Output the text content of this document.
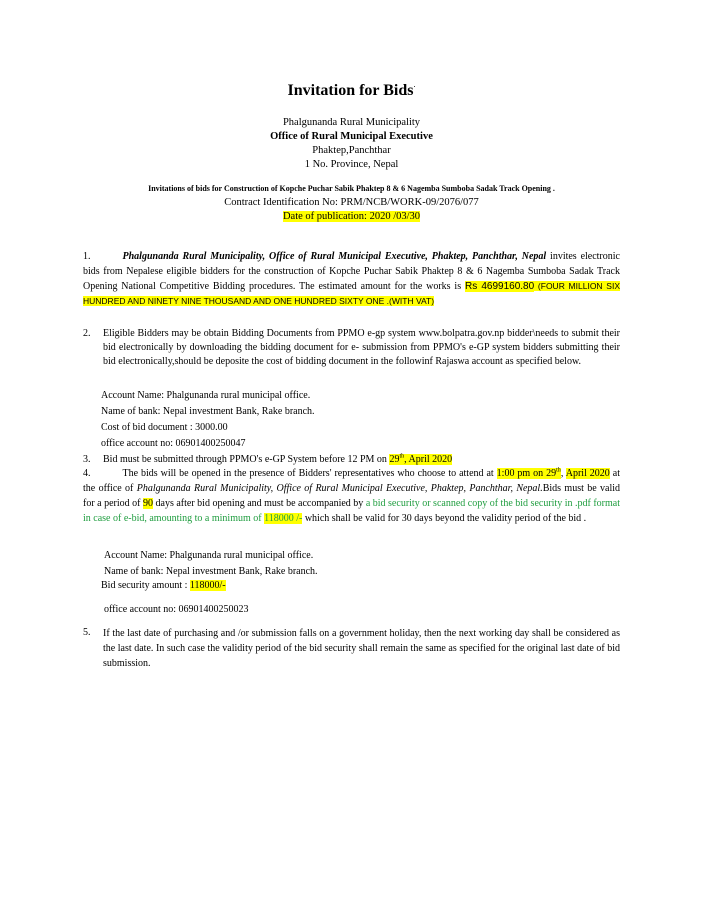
Invitation for Bids·
Phalgunanda Rural Municipality
Office of Rural Municipal Executive
Phaktep,Panchthar
1 No. Province, Nepal
Invitations of bids for Construction of Kopche Puchar Sabik Phaktep 8 & 6 Nagemba Sumboba Sadak Track Opening .
Contract Identification No: PRM/NCB/WORK-09/2076/077
Date of publication: 2020 /03/30
1.	Phalgunanda Rural Municipality, Office of Rural Municipal Executive, Phaktep, Panchthar, Nepal invites electronic bids from Nepalese eligible bidders for the construction of Kopche Puchar Sabik Phaktep 8 & 6 Nagemba Sumboba Sadak Track Opening National Competitive Bidding procedures. The estimated amount for the works is Rs 4699160.80 (FOUR MILLION SIX HUNDRED AND NINETY NINE THOUSAND AND ONE HUNDRED SIXTY ONE .(WITH VAT)
2. Eligible Bidders may be obtain Bidding Documents from PPMO e-gp system www.bolpatra.gov.np bidder\needs to submit their bid electronically by downloading the bidding document for e- submission from PPMO's e-GP system bidders submitting their bid electronically,should be deposite the cost of bidding document in the followinf Rajaswa account as specified below.
Account Name: Phalgunanda rural municipal office.
Name of bank: Nepal investment Bank, Rake branch.
Cost of bid document : 3000.00
office account no: 06901400250047
3. Bid must be submitted through PPMO's e-GP System before 12 PM on 29th, April 2020
4.	The bids will be opened in the presence of Bidders' representatives who choose to attend at 1:00 pm on 29th, April 2020 at the office of Phalgunanda Rural Municipality, Office of Rural Municipal Executive, Phaktep, Panchthar, Nepal.Bids must be valid for a period of 90 days after bid opening and must be accompanied by a bid security or scanned copy of the bid security in .pdf format in case of e-bid, amounting to a minimum of 118000 /- which shall be valid for 30 days beyond the validity period of the bid .
Account Name: Phalgunanda rural municipal office.
Name of bank: Nepal investment Bank, Rake branch.
Bid security amount : 118000/-
office account no: 06901400250023
5. If the last date of purchasing and /or submission falls on a government holiday, then the next working day shall be considered as the last date. In such case the validity period of the bid security shall remain the same as specified for the original last date of bid submission.
